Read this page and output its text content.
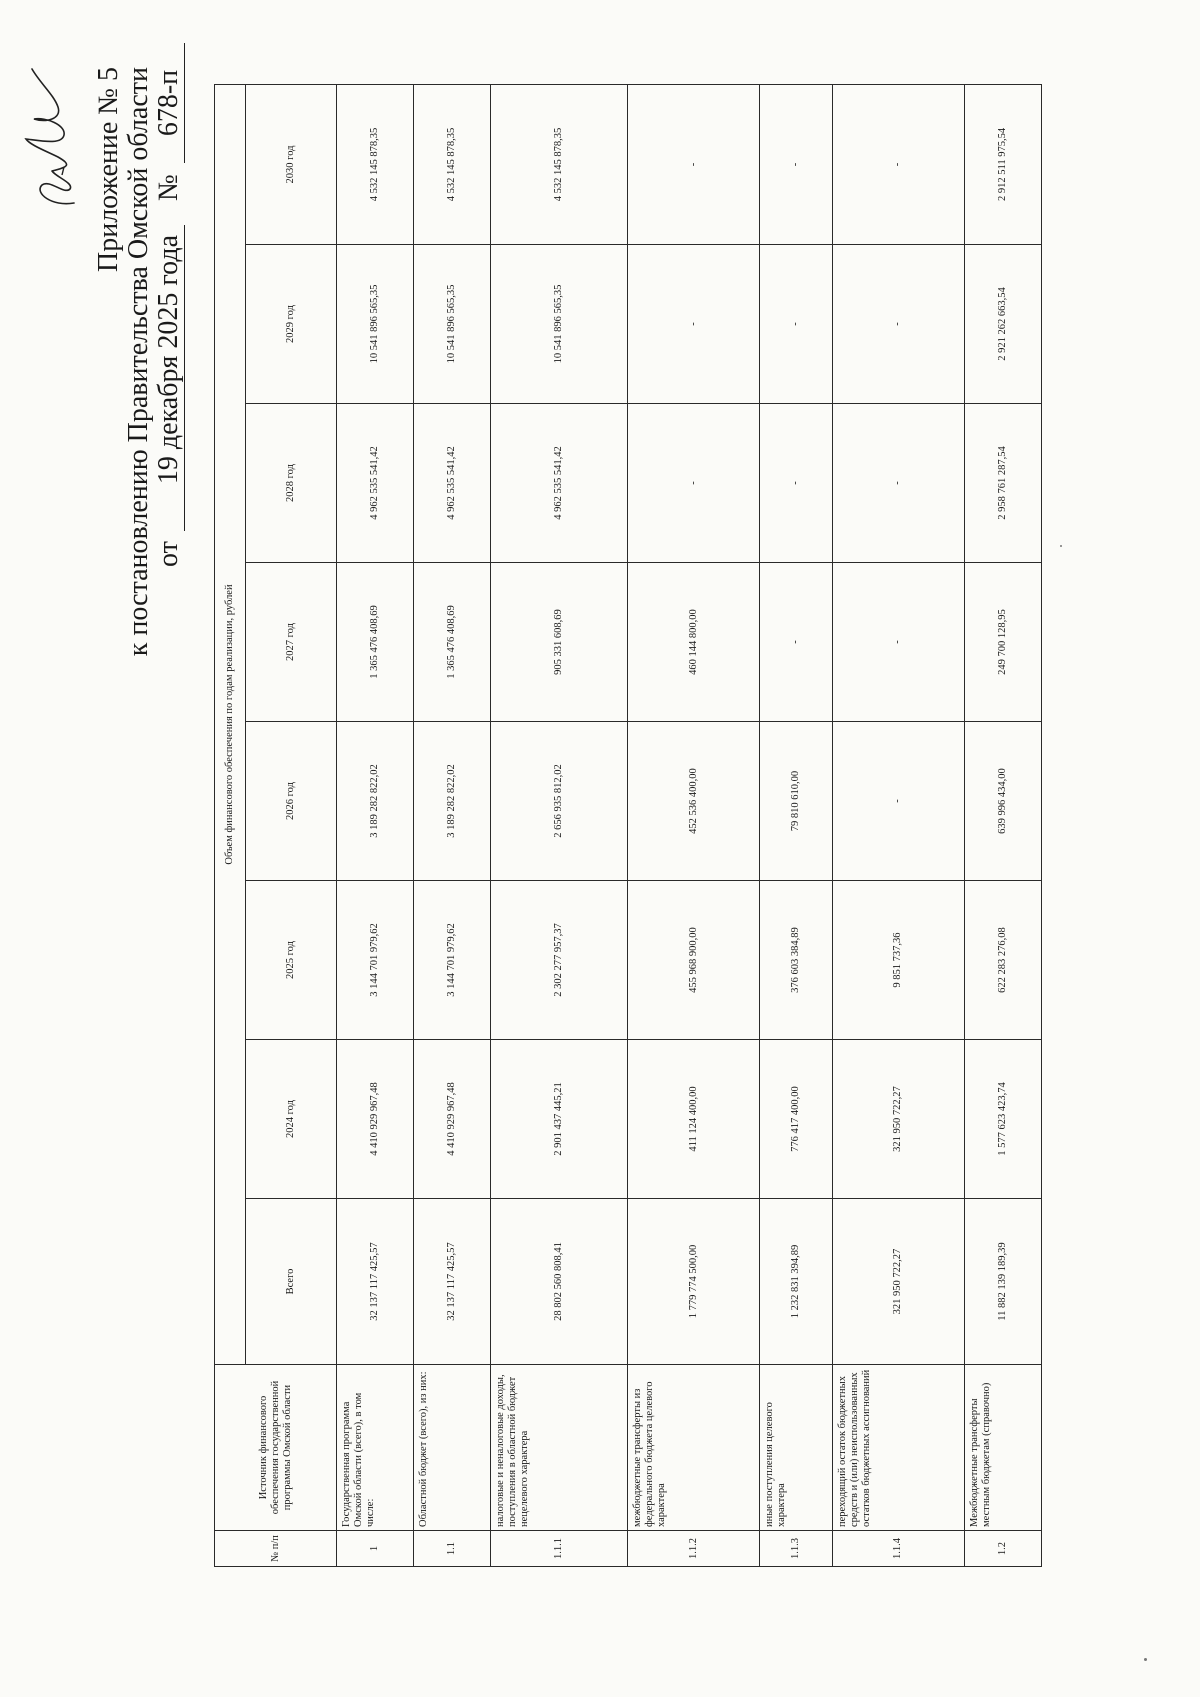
Приложение № 5 к постановлению Правительства Омской области от
19 декабря 2025 года
№
678-п
№ п/п	Источник финансового обеспечения государственной программы Омской области	Объем финансового обеспечения по годам реализации, рублей							
		Всего	2024 год	2025 год	2026 год	2027 год	2028 год	2029 год	2030 год
1	Государственная программа Омской области (всего), в том числе:	32 137 117 425,57	4 410 929 967,48	3 144 701 979,62	3 189 282 822,02	1 365 476 408,69	4 962 535 541,42	10 541 896 565,35	4 532 145 878,35
1.1	Областной бюджет (всего), из них:	32 137 117 425,57	4 410 929 967,48	3 144 701 979,62	3 189 282 822,02	1 365 476 408,69	4 962 535 541,42	10 541 896 565,35	4 532 145 878,35
1.1.1	налоговые и неналоговые доходы, поступления в областной бюджет нецелевого характера	28 802 560 808,41	2 901 437 445,21	2 302 277 957,37	2 656 935 812,02	905 331 608,69	4 962 535 541,42	10 541 896 565,35	4 532 145 878,35
1.1.2	межбюджетные трансферты из федерального бюджета целевого характера	1 779 774 500,00	411 124 400,00	455 968 900,00	452 536 400,00	460 144 800,00	-	-	-
1.1.3	иные поступления целевого характера	1 232 831 394,89	776 417 400,00	376 603 384,89	79 810 610,00	-	-	-	-
1.1.4	переходящий остаток бюджетных средств и (или) неиспользованных остатков бюджетных ассигнований	321 950 722,27	321 950 722,27	9 851 737,36	-	-	-	-	-
1.2	Межбюджетные трансферты местным бюджетам (справочно)	11 882 139 189,39	1 577 623 423,74	622 283 276,08	639 996 434,00	249 700 128,95	2 958 761 287,54	2 921 262 663,54	2 912 511 975,54
